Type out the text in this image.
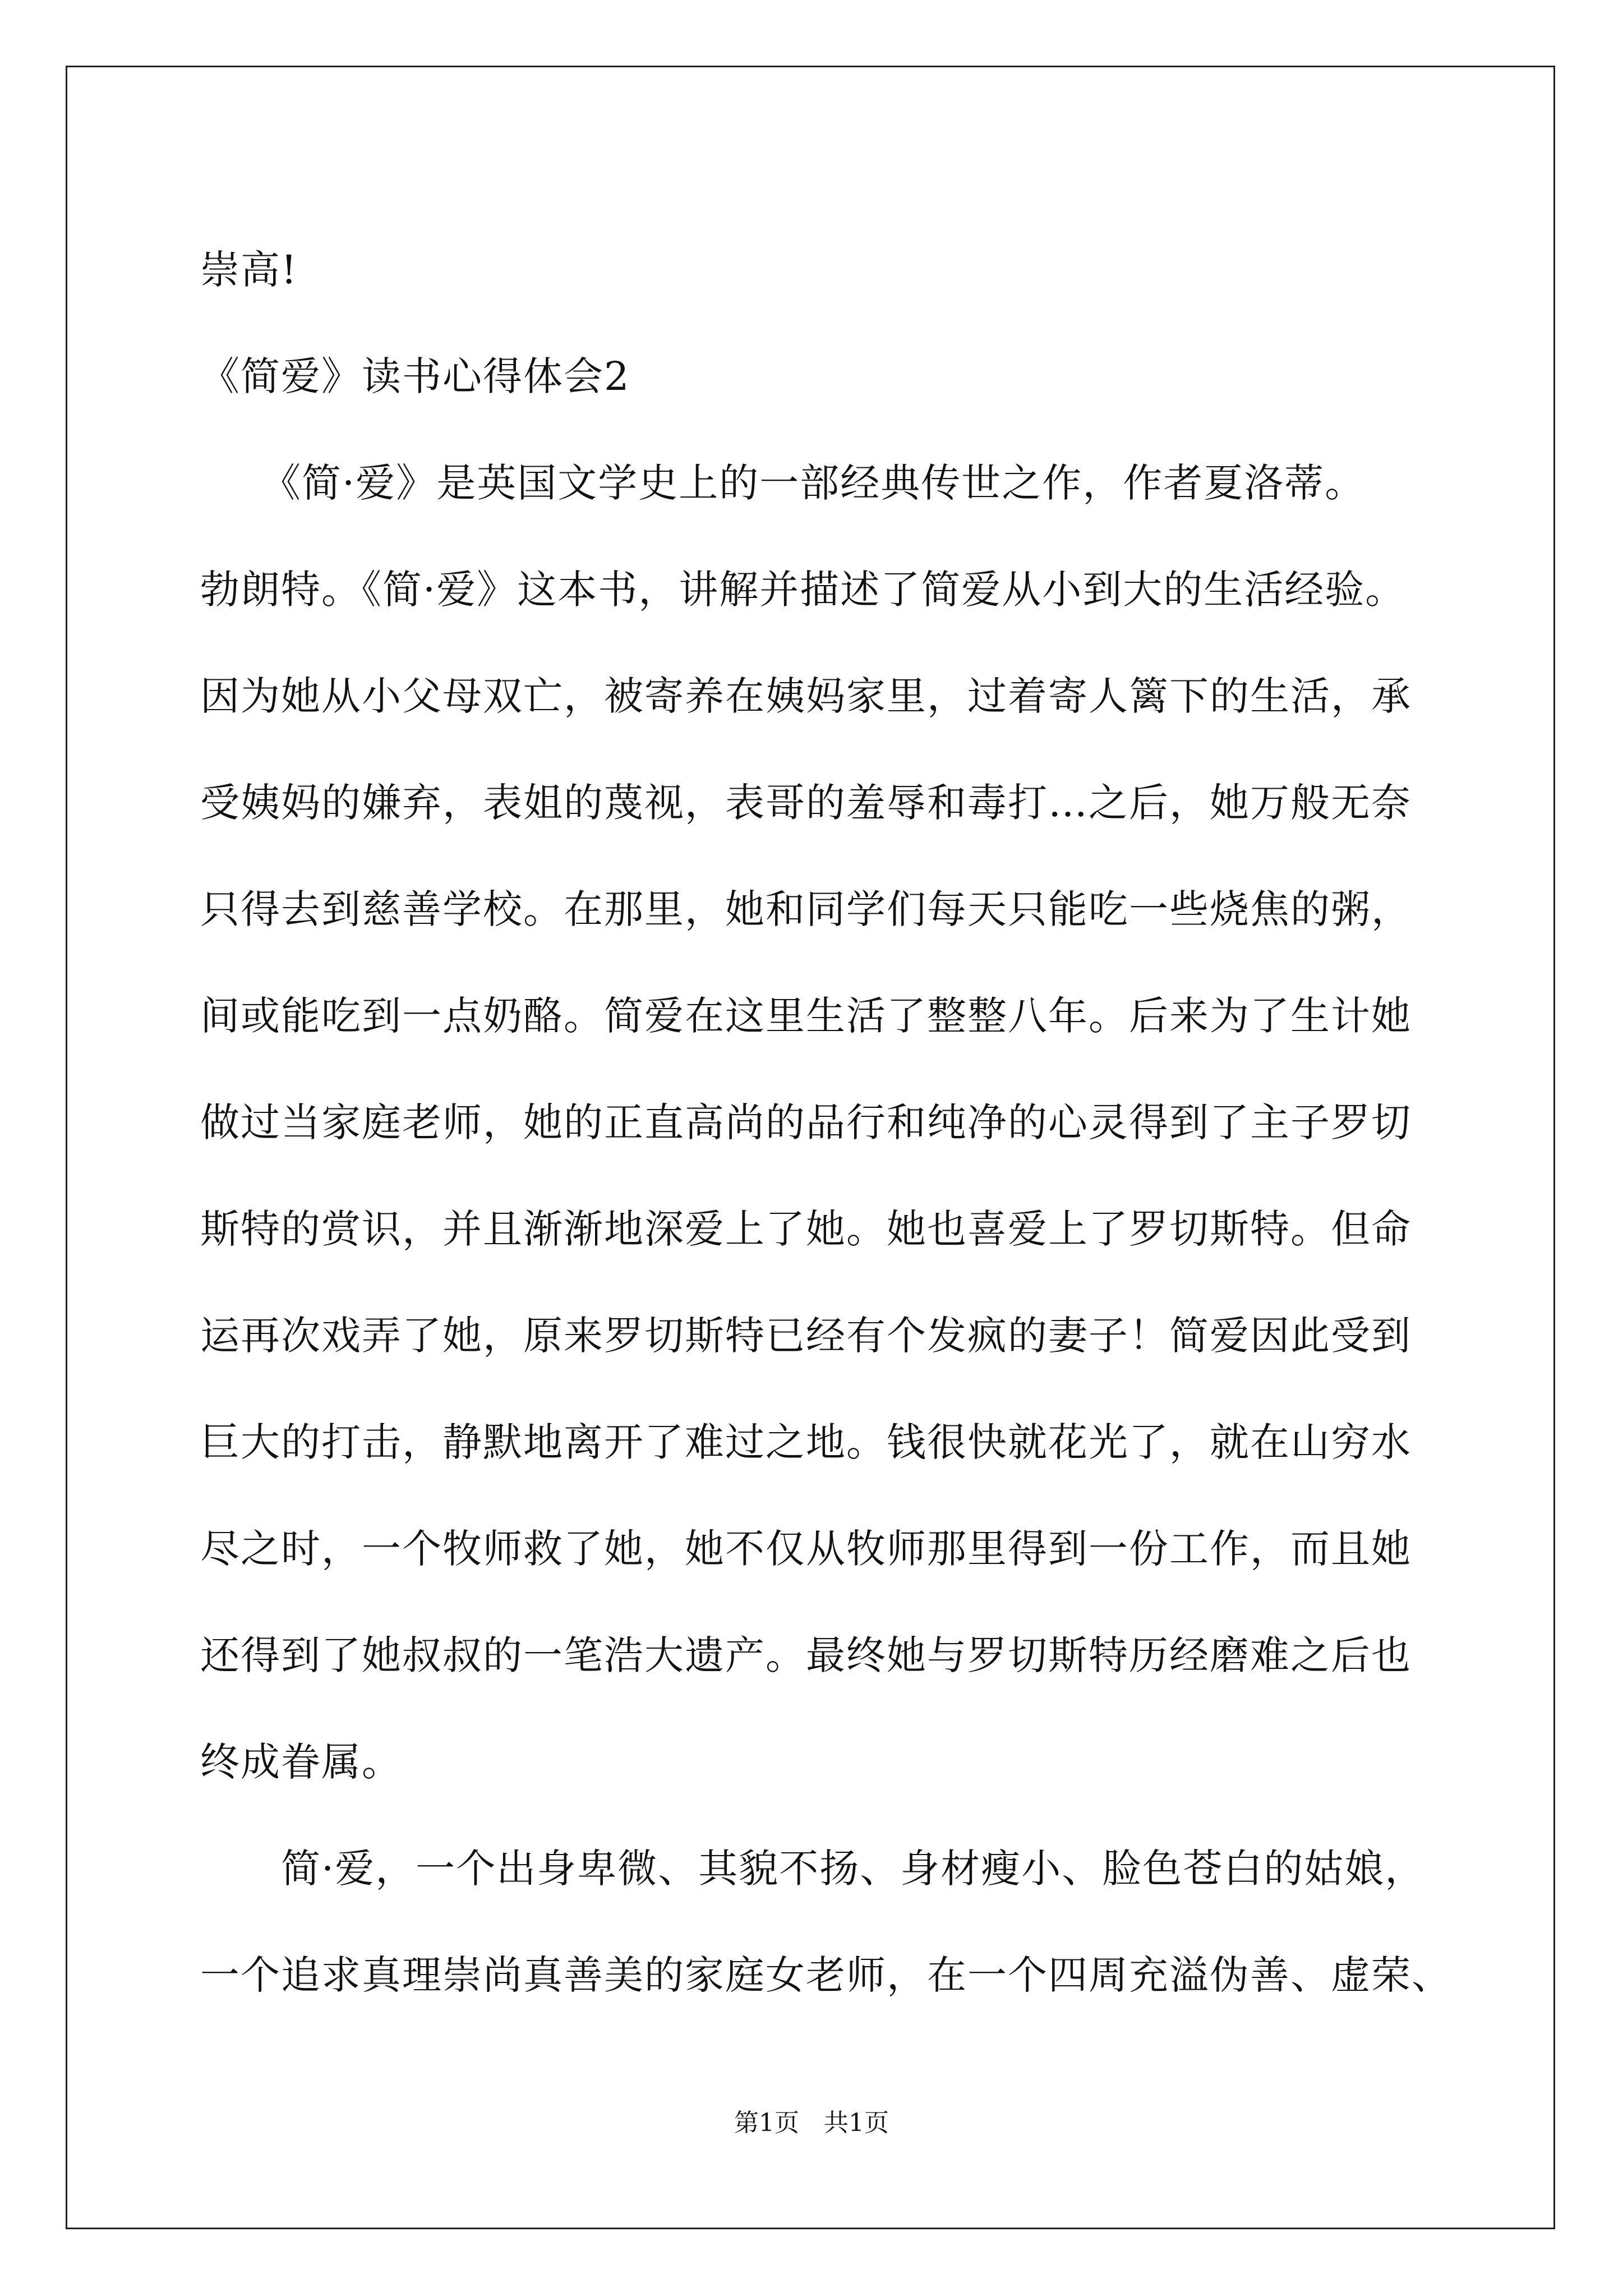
崇高!
《简爱》读书心得体会2
　　《简·爱》是英国文学史上的一部经典传世之作，作者夏洛蒂。
勃朗特。《简·爱》这本书，讲解并描述了简爱从小到大的生活经验。
因为她从小父母双亡，被寄养在姨妈家里，过着寄人篱下的生活，承
受姨妈的嫌弃，表姐的蔑视，表哥的羞辱和毒打…之后，她万般无奈
只得去到慈善学校。在那里，她和同学们每天只能吃一些烧焦的粥，
间或能吃到一点奶酪。简爱在这里生活了整整八年。后来为了生计她
做过当家庭老师，她的正直高尚的品行和纯净的心灵得到了主子罗切
斯特的赏识，并且渐渐地深爱上了她。她也喜爱上了罗切斯特。但命
运再次戏弄了她，原来罗切斯特已经有个发疯的妻子！简爱因此受到
巨大的打击，静默地离开了难过之地。钱很快就花光了，就在山穷水
尽之时，一个牧师救了她，她不仅从牧师那里得到一份工作，而且她
还得到了她叔叔的一笔浩大遗产。最终她与罗切斯特历经磨难之后也
终成眷属。
　　简·爱，一个出身卑微、其貌不扬、身材瘦小、脸色苍白的姑娘，
一个追求真理崇尚真善美的家庭女老师，在一个四周充溢伪善、虚荣、
第1页　共1页
